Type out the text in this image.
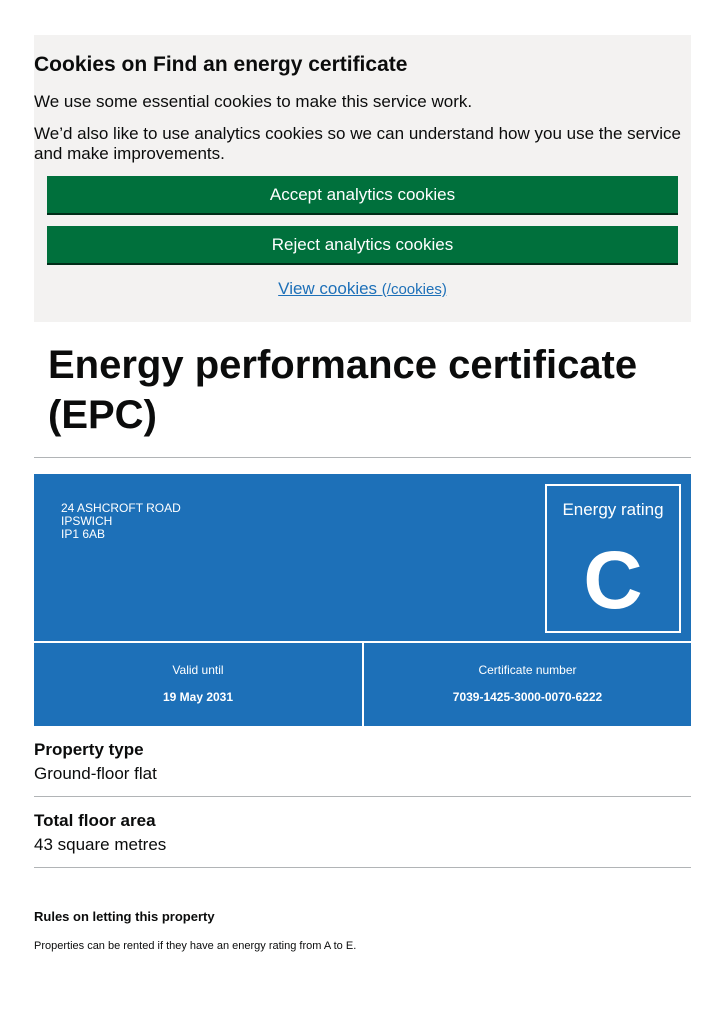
Cookies on Find an energy certificate

We use some essential cookies to make this service work.

We’d also like to use analytics cookies so we can understand how you use the service and make improvements.

Accept analytics cookies
Reject analytics cookies
View cookies (/cookies)
Energy performance certificate (EPC)
24 ASHCROFT ROAD
IPSWICH
IP1 6AB
Energy rating
C
Valid until
19 May 2031
Certificate number
7039-1425-3000-0070-6222
Property type
Ground-floor flat
Total floor area
43 square metres
Rules on letting this property

Properties can be rented if they have an energy rating from A to E.
